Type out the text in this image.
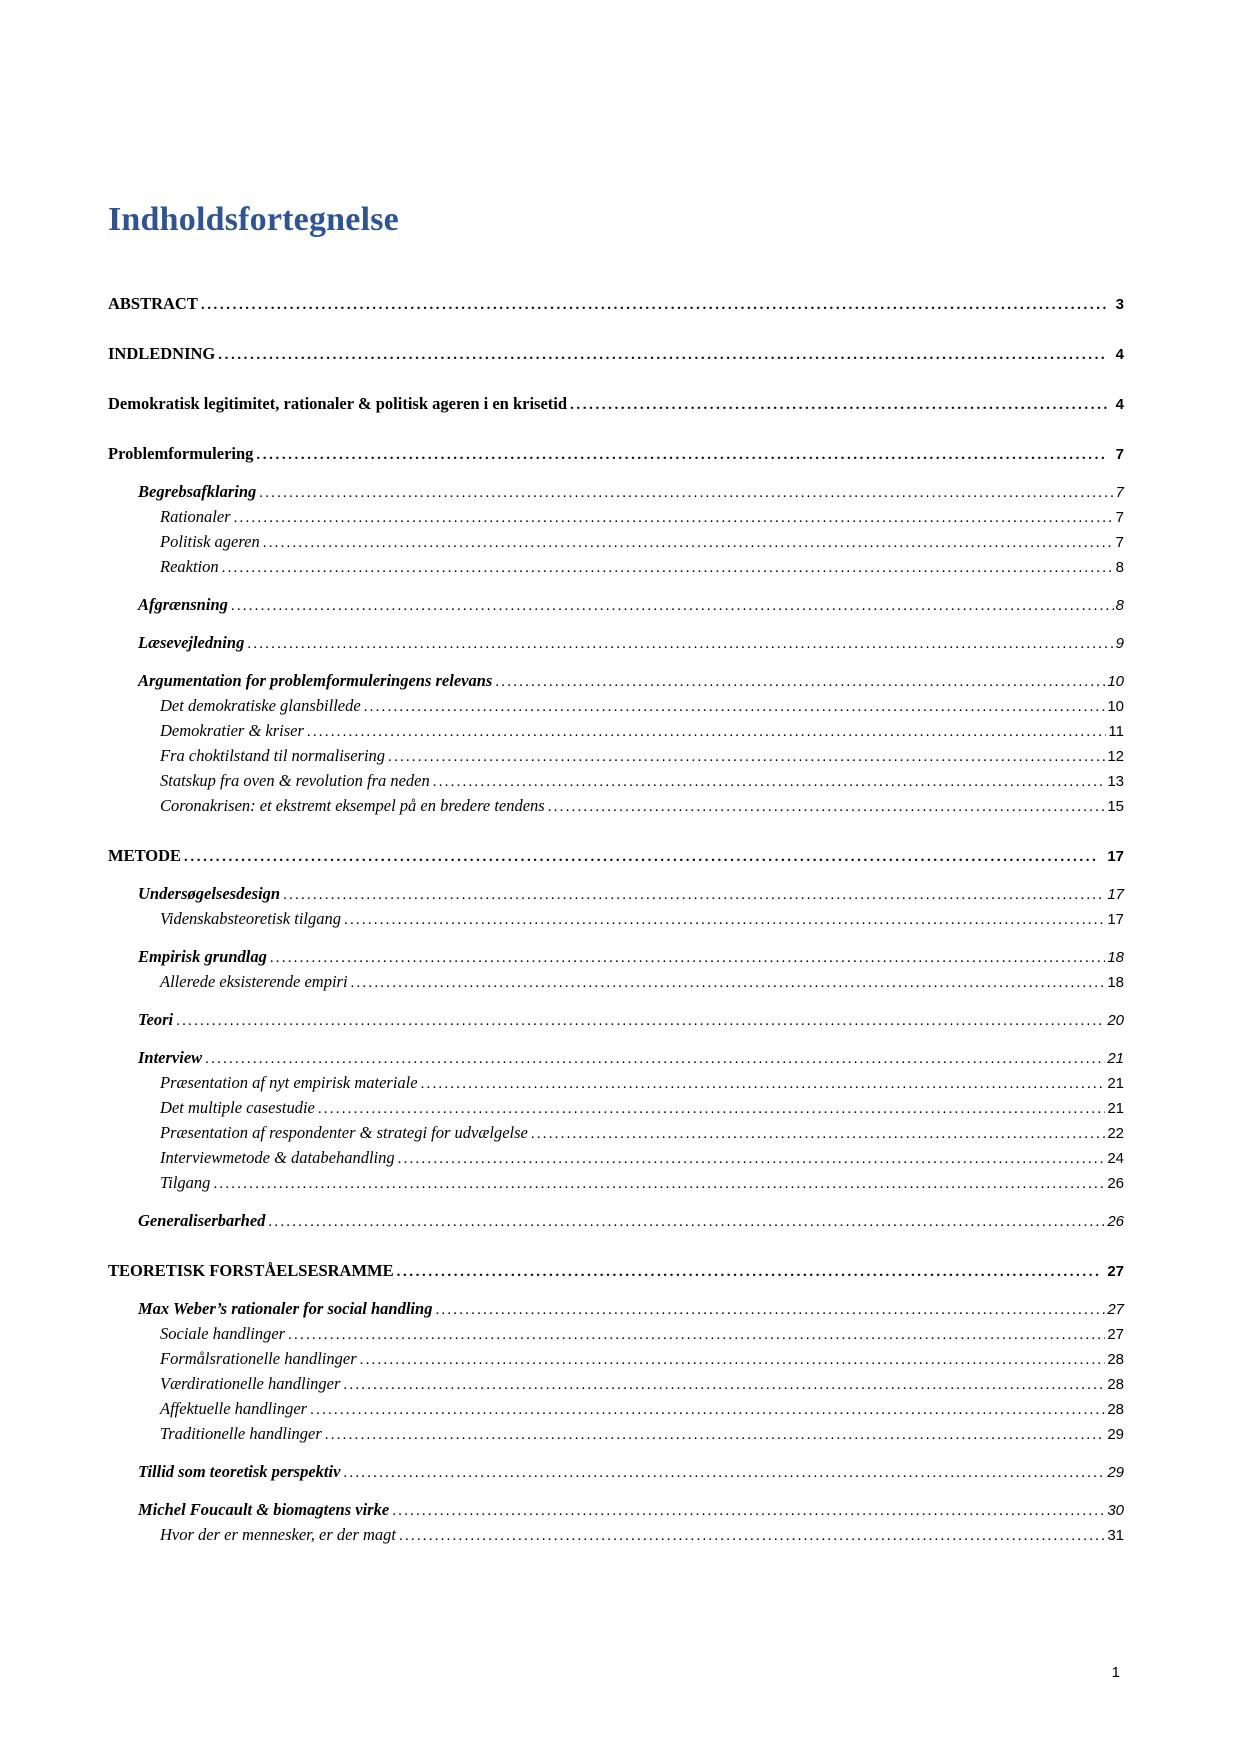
Indholdsfortegnelse
ABSTRACT .....	3
INDLEDNING .....	4
Demokratisk legitimitet, rationaler & politisk ageren i en krisetid .....	4
Problemformulering .....	7
Begrebsafklaring .....	7
Rationaler .....	7
Politisk ageren .....	7
Reaktion .....	8
Afgrænsning .....	8
Læsevejledning .....	9
Argumentation for problemformuleringens relevans .....	10
Det demokratiske glansbillede .....	10
Demokratier & kriser .....	11
Fra choktilstand til normalisering .....	12
Statskup fra oven & revolution fra neden .....	13
Coronakrisen: et ekstremt eksempel på en bredere tendens .....	15
METODE .....	17
Undersøgelsesdesign .....	17
Videnskabsteoretisk tilgang .....	17
Empirisk grundlag .....	18
Allerede eksisterende empiri .....	18
Teori .....	20
Interview .....	21
Præsentation af nyt empirisk materiale .....	21
Det multiple casestudie .....	21
Præsentation af respondenter & strategi for udvælgelse .....	22
Interviewmetode & databehandling .....	24
Tilgang .....	26
Generaliserbarhed .....	26
TEORETISK FORSTÅELSESRAMME .....	27
Max Weber’s rationaler for social handling .....	27
Sociale handlinger .....	27
Formålsrationelle handlinger .....	28
Værdirationelle handlinger .....	28
Affektuelle handlinger .....	28
Traditionelle handlinger .....	29
Tillid som teoretisk perspektiv .....	29
Michel Foucault & biomagtens virke .....	30
Hvor der er mennesker, er der magt .....	31
1
